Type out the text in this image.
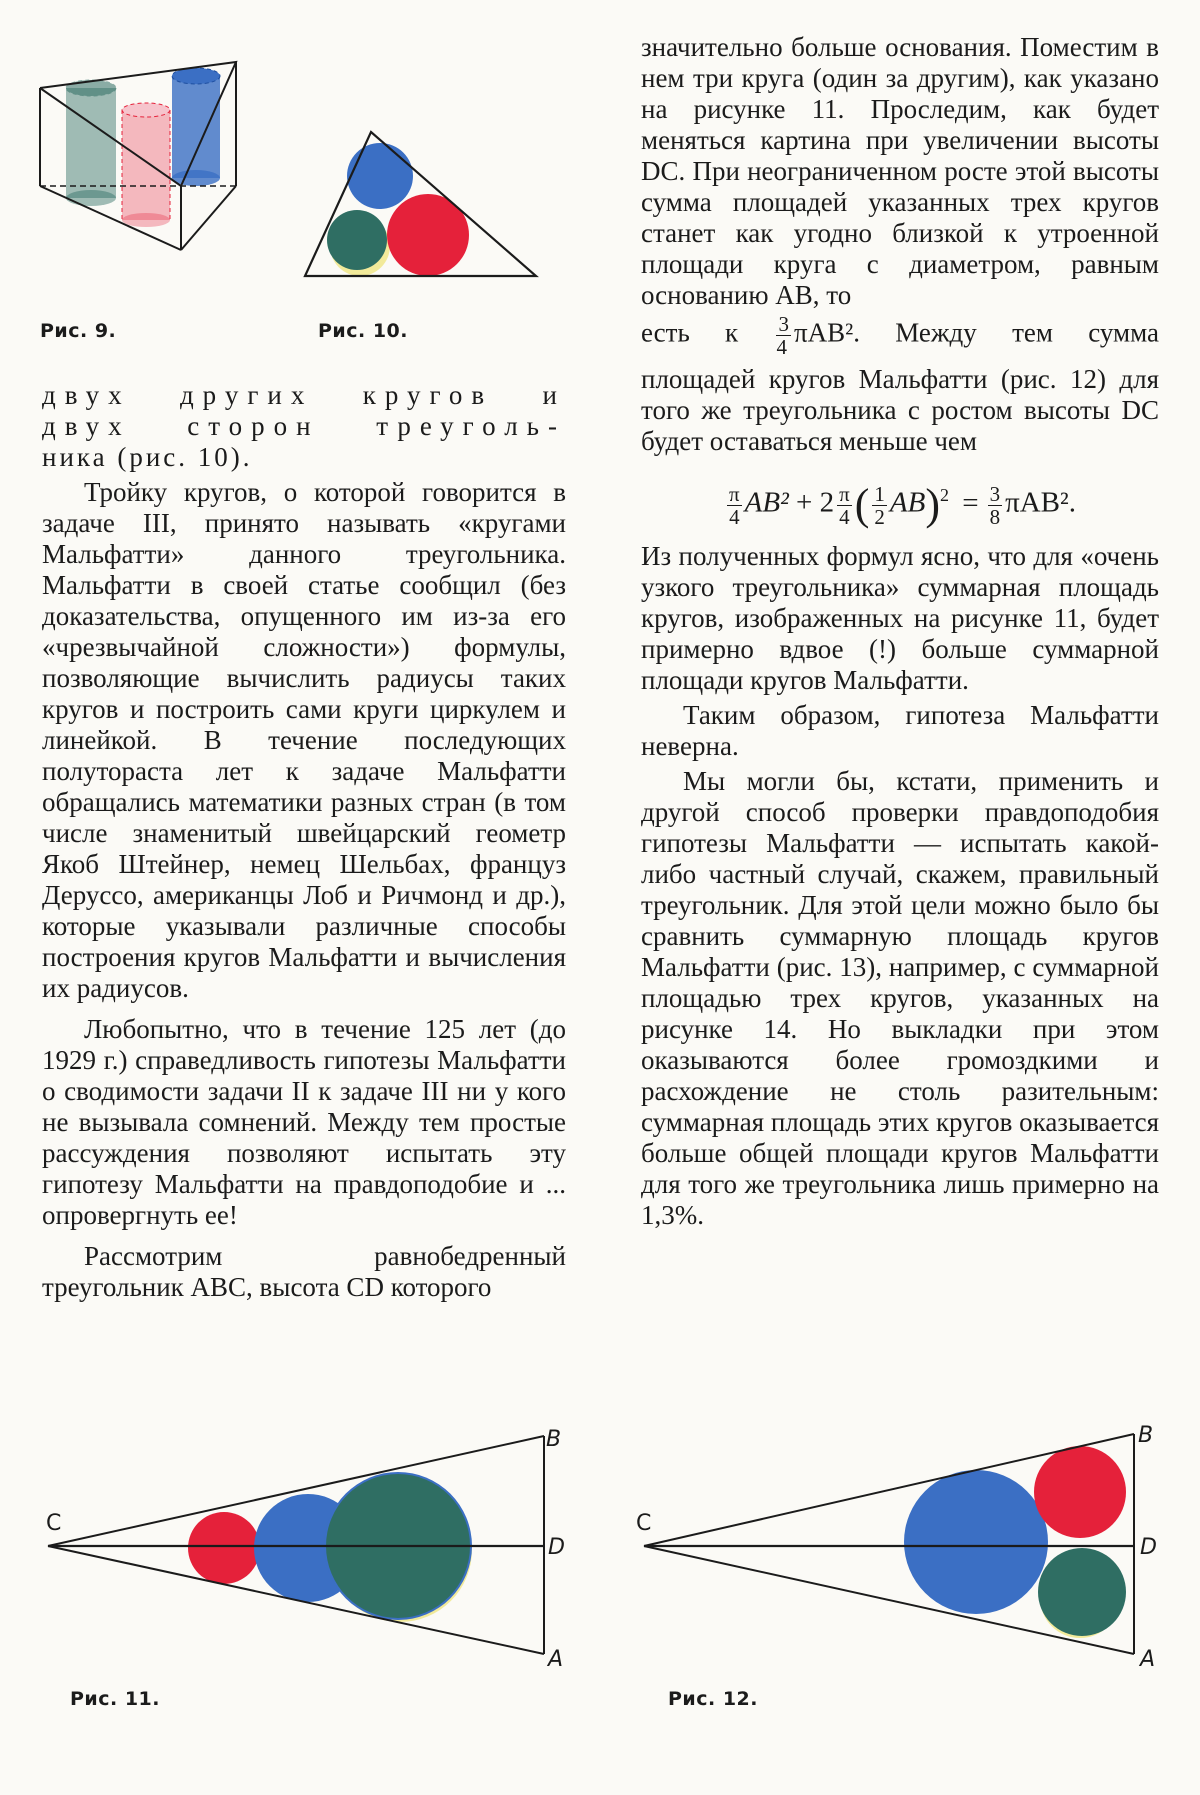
Рис. 9.	Рис. 10.

двух других кругов и

двух сторон треуголь-

ника (рис. 10).

Тройку кругов, о которой говорится в задаче III, принято называть «кругами Мальфатти» данного треугольника. Мальфатти в своей статье сообщил (без доказательства, опущенного им из-за его «чрезвычайной сложности») формулы, позволяющие вычислить радиусы таких кругов и построить сами круги циркулем и линейкой. В течение последующих полутораста лет к задаче Мальфатти обращались математики разных стран (в том числе знаменитый швейцарский геометр Якоб Штейнер, немец Шельбах, француз Деруссо, американцы Лоб и Ричмонд и др.), которые указывали различные способы построения кругов Мальфатти и вычисления их радиусов.

Любопытно, что в течение 125 лет (до 1929 г.) справедливость гипотезы Мальфатти о сводимости задачи II к задаче III ни у кого не вызывала сомнений. Между тем простые рассуждения позволяют испытать эту гипотезу Мальфатти на правдоподобие и ... опровергнуть ее!

Рассмотрим равнобедренный треугольник ABC, высота CD которого

значительно больше основания. Поместим в нем три круга (один за другим), как указано на рисунке 11. Проследим, как будет меняться картина при увеличении высоты DC. При неограниченном росте этой высоты сумма площадей указанных трех кругов станет как угодно близкой к утроенной площади круга с диаметром, равным основанию AB, то

есть к $\frac{3}{4} \pi AB^2$. Между тем сумма

площадей кругов Мальфатти (рис. 12) для того же треугольника с ростом высоты DC будет оставаться меньше чем

$\frac{\pi}{4} AB^2 + 2 \frac{\pi}{4}$ ( $\frac{1}{2} AB)^2 = \frac{3}{8} \pi AB^2$.

Из полученных формул ясно, что для «очень узкого треугольника» суммарная площадь кругов, изображенных на рисунке 11, будет примерно вдвое (!) больше суммарной площади кругов Мальфатти.

Таким образом, гипотеза Мальфатти неверна.

Мы могли бы, кстати, применить и другой способ проверки правдоподобия гипотезы Мальфатти — испытать какой-либо частный случай, скажем, правильный треугольник. Для этой цели можно было бы сравнить суммарную площадь кругов Мальфатти (рис. 13), например, с суммарной площадью трех кругов, указанных на рисунке 14. Но выкладки при этом оказываются более громоздкими и расхождение не столь разительным: суммарная площадь этих кругов оказывается больше общей площади кругов Мальфатти для того же треугольника лишь примерно на 1,3%.

C
B
D
A
Рис. 11.
C
B
D
A
Рис. 12.
